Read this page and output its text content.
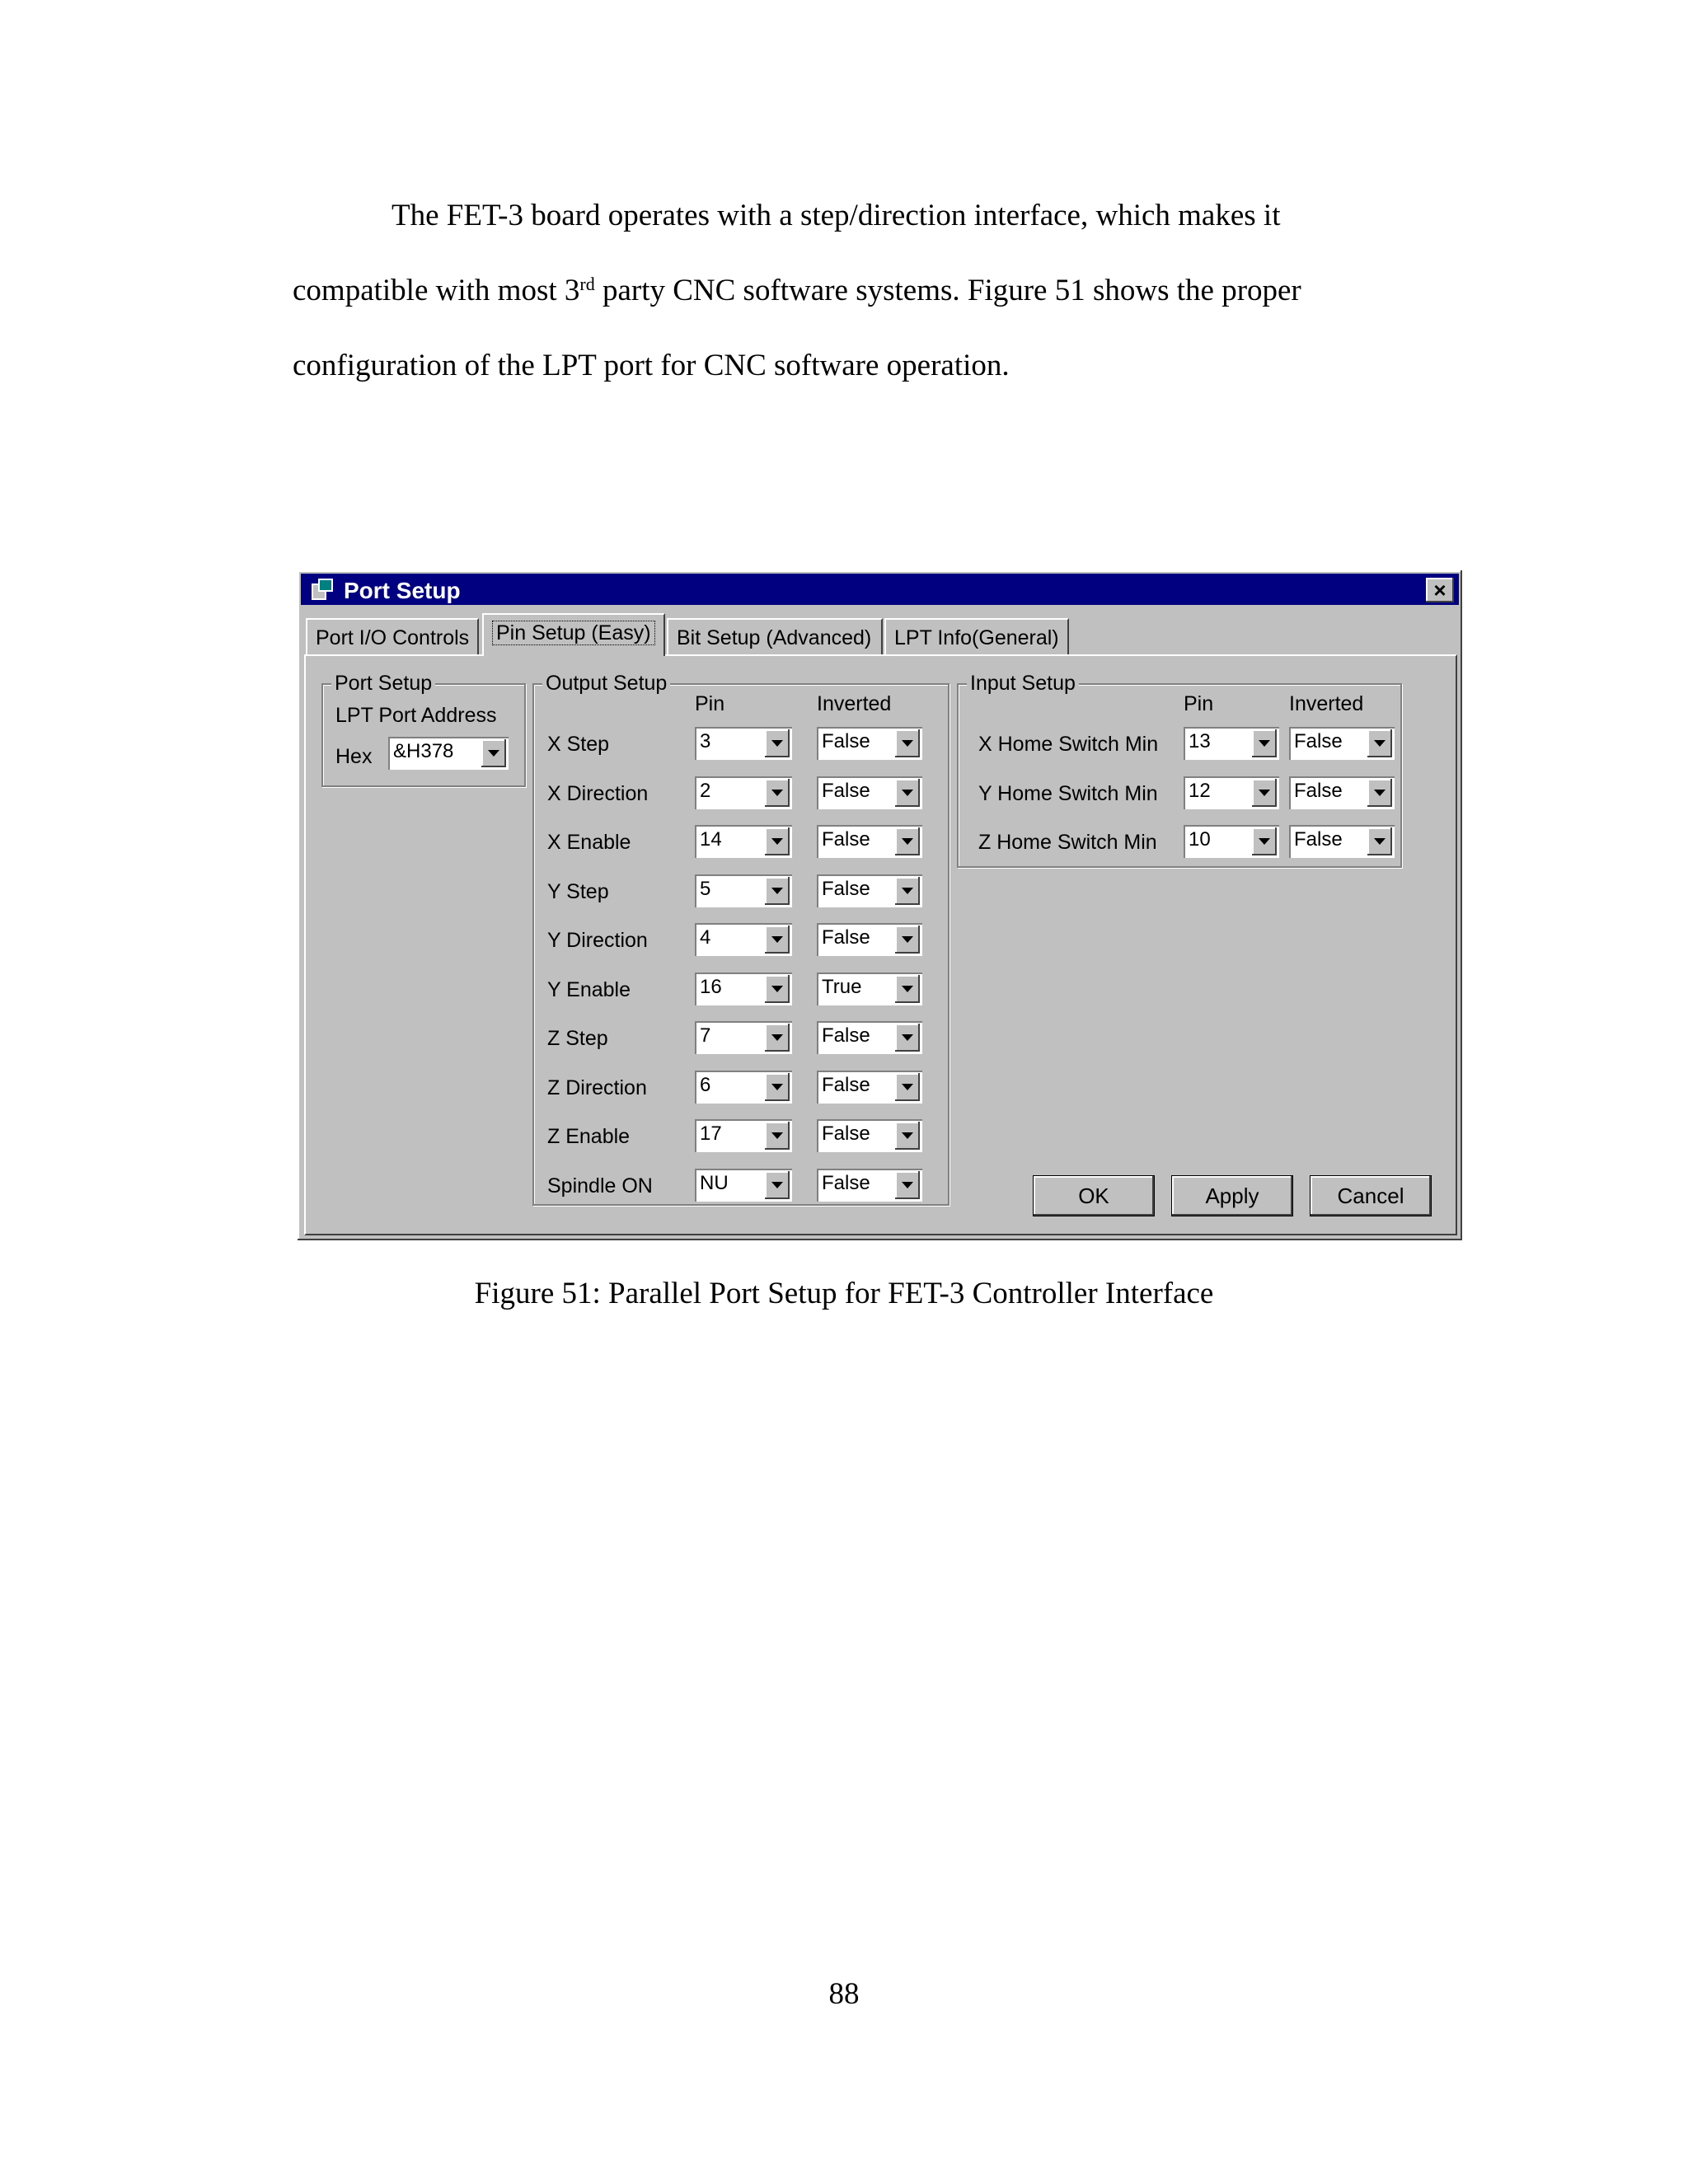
The FET-3 board operates with a step/direction interface, which makes it
compatible with most 3rd party CNC software systems. Figure 51 shows the proper
configuration of the LPT port for CNC software operation.
Port Setup	×
Port I/O Controls	Pin Setup (Easy)	Bit Setup (Advanced)	LPT Info(General)
Port Setup
LPT Port Address
Hex &H378
Output Setup
Pin	Inverted
X Step	3	False
X Direction	2	False
X Enable	14	False
Y Step	5	False
Y Direction	4	False
Y Enable	16	True
Z Step	7	False
Z Direction	6	False
Z Enable	17	False
Spindle ON NU	False
Input Setup
Pin	Inverted
X Home Switch Min 13	False
Y Home Switch Min 12	False
Z Home Switch Min 10	False
OK	Apply	Cancel
Figure 51: Parallel Port Setup for FET-3 Controller Interface
88
